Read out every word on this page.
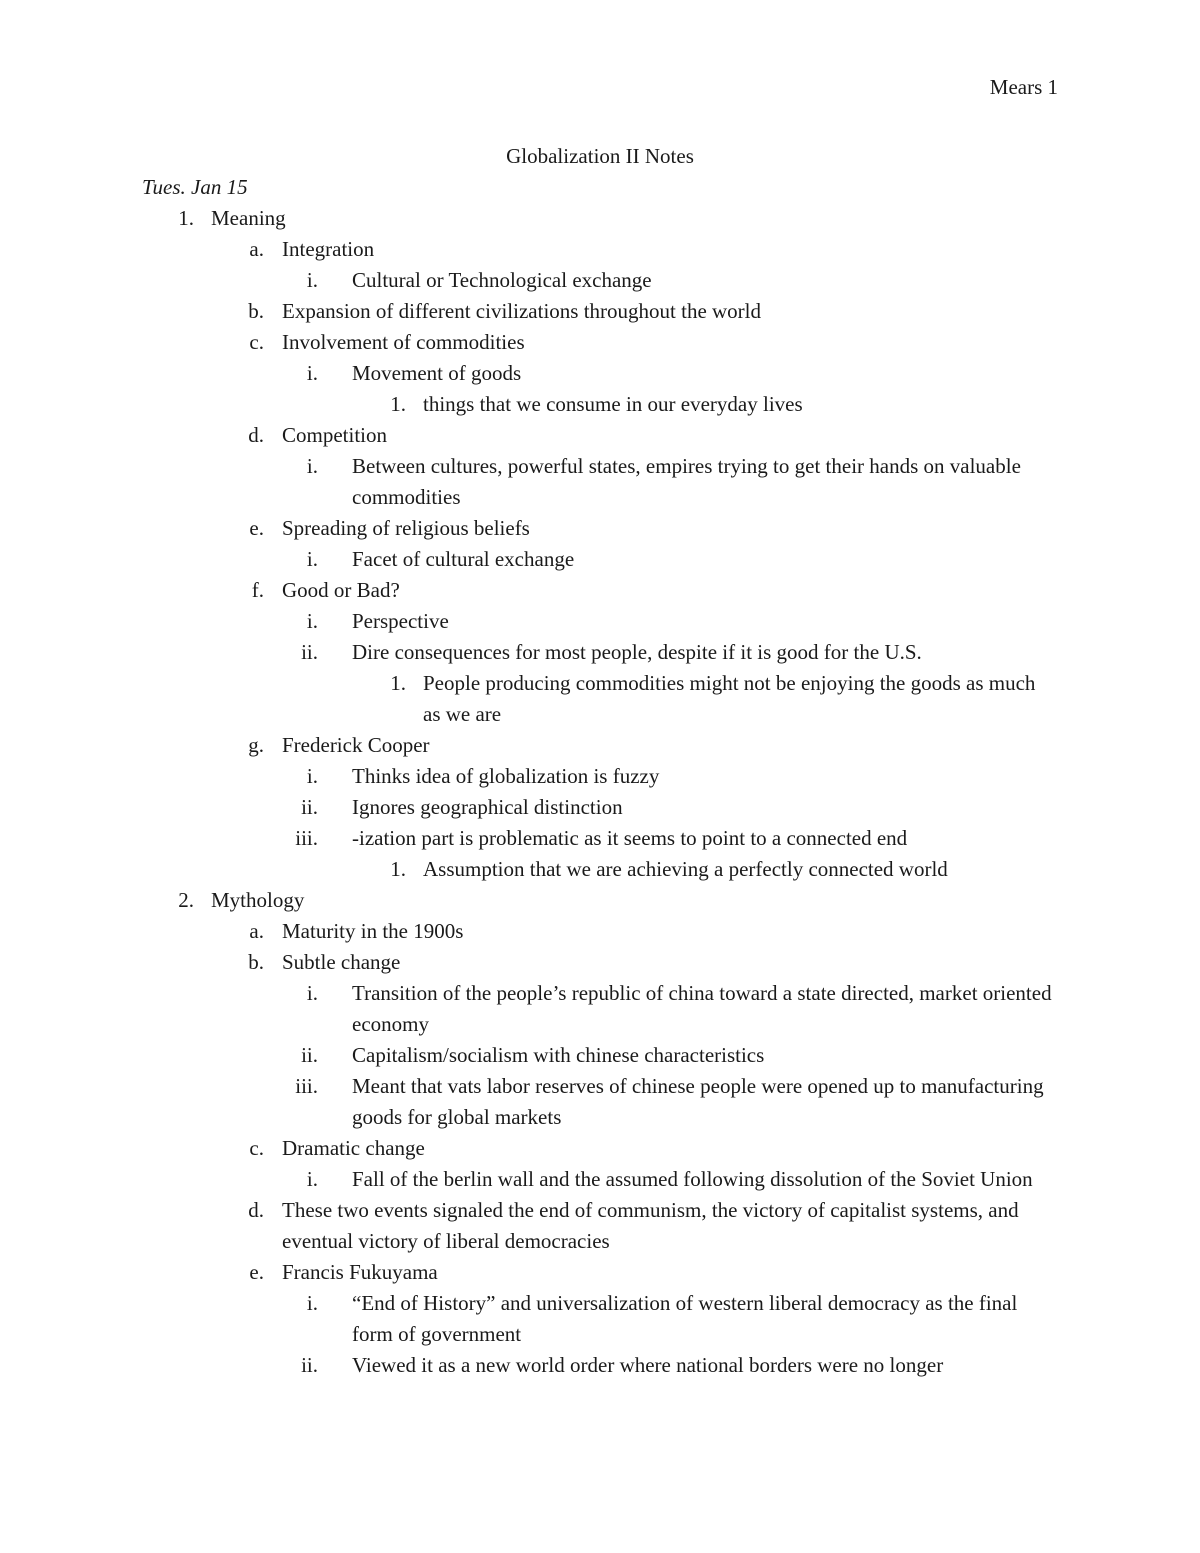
Mears 1
Globalization II Notes
Tues. Jan 15
1. Meaning
a. Integration
i. Cultural or Technological exchange
b. Expansion of different civilizations throughout the world
c. Involvement of commodities
i. Movement of goods
1. things that we consume in our everyday lives
d. Competition
i. Between cultures, powerful states, empires trying to get their hands on valuable commodities
e. Spreading of religious beliefs
i. Facet of cultural exchange
f. Good or Bad?
i. Perspective
ii. Dire consequences for most people, despite if it is good for the U.S.
1. People producing commodities might not be enjoying the goods as much as we are
g. Frederick Cooper
i. Thinks idea of globalization is fuzzy
ii. Ignores geographical distinction
iii. -ization part is problematic as it seems to point to a connected end
1. Assumption that we are achieving a perfectly connected world
2. Mythology
a. Maturity in the 1900s
b. Subtle change
i. Transition of the people’s republic of china toward a state directed, market oriented economy
ii. Capitalism/socialism with chinese characteristics
iii. Meant that vats labor reserves of chinese people were opened up to manufacturing goods for global markets
c. Dramatic change
i. Fall of the berlin wall and the assumed following dissolution of the Soviet Union
d. These two events signaled the end of communism, the victory of capitalist systems, and eventual victory of liberal democracies
e. Francis Fukuyama
i. “End of History” and universalization of western liberal democracy as the final form of government
ii. Viewed it as a new world order where national borders were no longer
